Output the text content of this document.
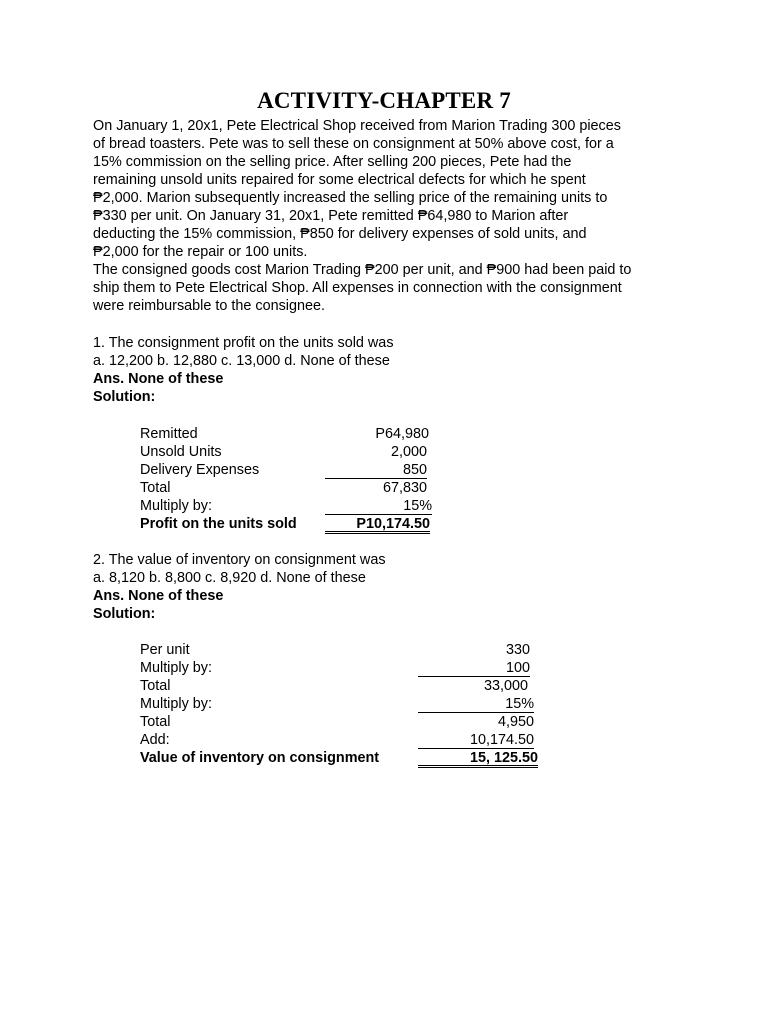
ACTIVITY-CHAPTER 7
On January 1, 20x1, Pete Electrical Shop received from Marion Trading 300 pieces
of bread toasters. Pete was to sell these on consignment at 50% above cost, for a
15% commission on the selling price. After selling 200 pieces, Pete had the
remaining unsold units repaired for some electrical defects for which he spent
₱2,000. Marion subsequently increased the selling price of the remaining units to
₱330 per unit. On January 31, 20x1, Pete remitted ₱64,980 to Marion after
deducting the 15% commission, ₱850 for delivery expenses of sold units, and
₱2,000 for the repair or 100 units.
The consigned goods cost Marion Trading ₱200 per unit, and ₱900 had been paid to
ship them to Pete Electrical Shop. All expenses in connection with the consignment
were reimbursable to the consignee.
1. The consignment profit on the units sold was
a. 12,200 b. 12,880 c. 13,000 d. None of these
Ans. None of these
Solution:
Remitted	P64,980
Unsold Units	2,000
Delivery Expenses	850
Total	67,830
Multiply by:	15%
Profit on the units sold	P10,174.50
2. The value of inventory on consignment was
a. 8,120 b. 8,800 c. 8,920 d. None of these
Ans. None of these
Solution:
Per unit	330
Multiply by:	100
Total	33,000
Multiply by:	15%
Total	4,950
Add:	10,174.50
Value of inventory on consignment	15, 125.50
